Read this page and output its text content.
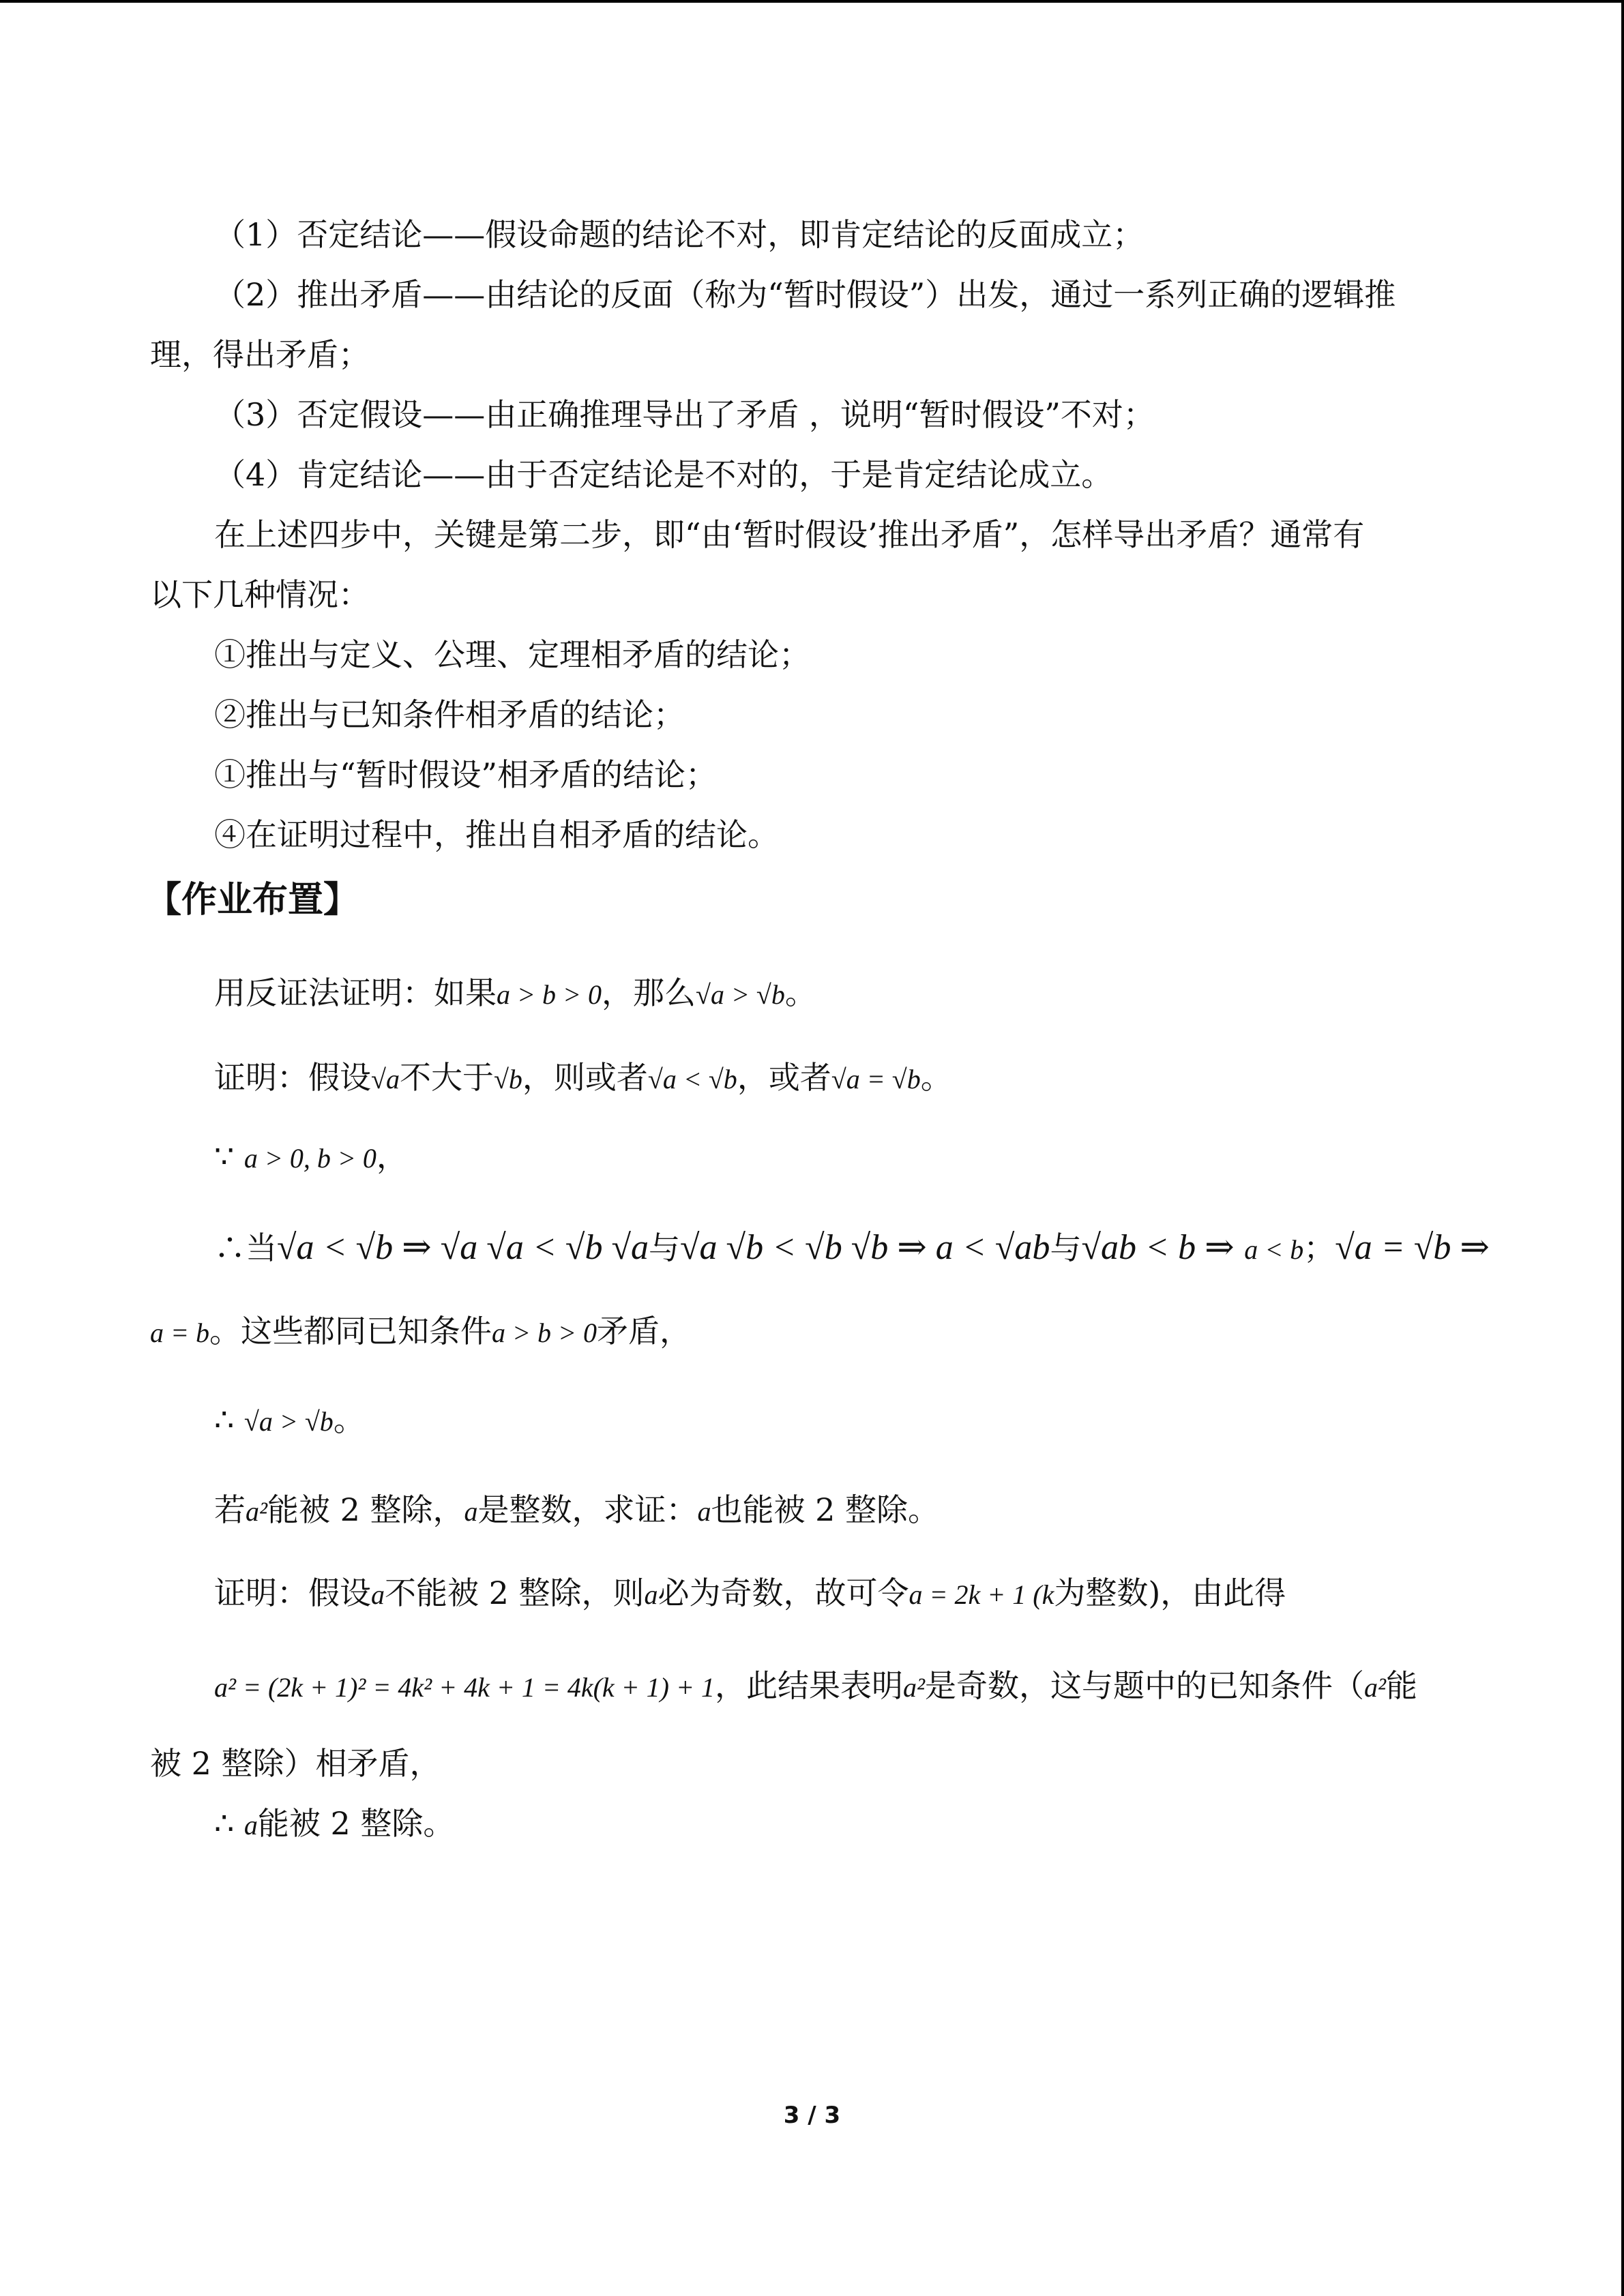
（1）否定结论——假设命题的结论不对，即肯定结论的反面成立；
（2）推出矛盾——由结论的反面（称为“暂时假设”）出发，通过一系列正确的逻辑推
理，得出矛盾；
（3）否定假设——由正确推理导出了矛盾 ，说明“暂时假设”不对；
（4）肯定结论——由于否定结论是不对的，于是肯定结论成立。
在上述四步中，关键是第二步，即“由‘暂时假设’推出矛盾”，怎样导出矛盾？通常有
以下几种情况：
①推出与定义、公理、定理相矛盾的结论；
②推出与已知条件相矛盾的结论；
①推出与“暂时假设”相矛盾的结论；
④在证明过程中，推出自相矛盾的结论。
【作业布置】
用反证法证明：如果a > b > 0，那么√a > √b。
证明：假设√a不大于√b，则或者√a < √b，或者√a = √b。
∵ a > 0, b > 0，
∴当√a < √b ⇒ √a √a < √b √a与√a √b < √b √b ⇒ a < √ab与√ab < b ⇒ a < b；√a = √b ⇒
a = b。这些都同已知条件a > b > 0矛盾，
∴ √a > √b。
若a²能被 2 整除，a是整数，求证：a也能被 2 整除。
证明：假设a不能被 2 整除，则a必为奇数，故可令a = 2k + 1 (k为整数)，由此得
a² = (2k + 1)² = 4k² + 4k + 1 = 4k(k + 1) + 1，此结果表明a²是奇数，这与题中的已知条件（a²能
被 2 整除）相矛盾，
∴ a能被 2 整除。
3 / 3
